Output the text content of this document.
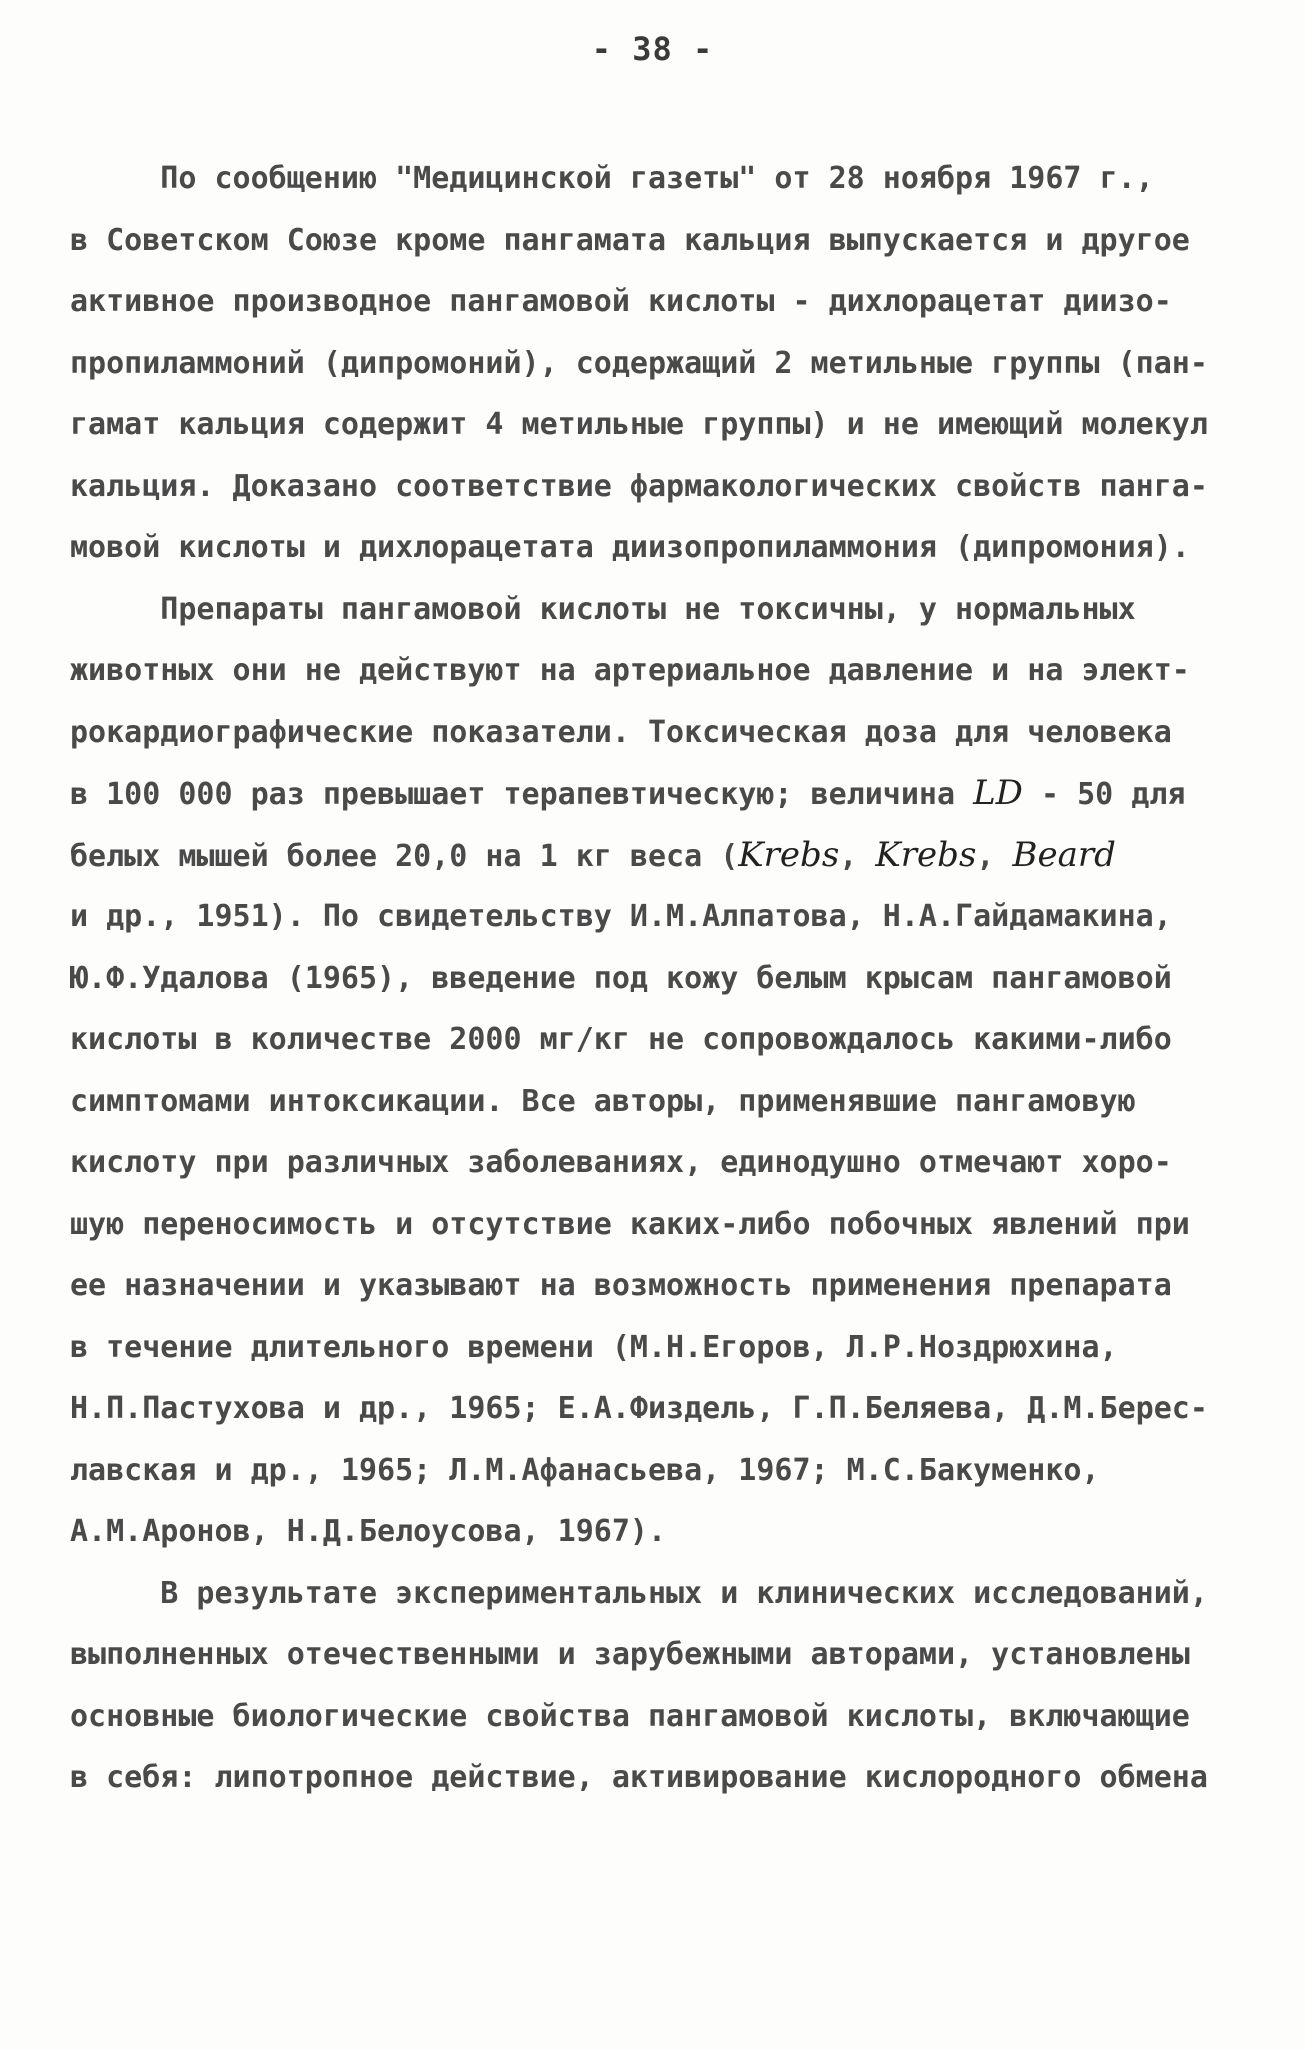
- 38 -
По сообщению "Медицинской газеты" от 28 ноября 1967 г.,
в Советском Союзе кроме пангамата кальция выпускается и другое
активное производное пангамовой кислоты - дихлорацетат диизо-
пропиламмоний (дипромоний), содержащий 2 метильные группы (пан-
гамат кальция содержит 4 метильные группы) и не имеющий молекул
кальция. Доказано соответствие фармакологических свойств панга-
мовой кислоты и дихлорацетата диизопропиламмония (дипромония).
Препараты пангамовой кислоты не токсичны, у нормальных
животных они не действуют на артериальное давление и на элект-
рокардиографические показатели. Токсическая доза для человека
в 100 000 раз превышает терапевтическую; величина LD - 50 для
белых мышей более 20,0 на 1 кг веса (Krebs, Krebs, Beard
и др., 1951). По свидетельству И.М.Алпатова, Н.А.Гайдамакина,
Ю.Ф.Удалова (1965), введение под кожу белым крысам пангамовой
кислоты в количестве 2000 мг/кг не сопровождалось какими-либо
симптомами интоксикации. Все авторы, применявшие пангамовую
кислоту при различных заболеваниях, единодушно отмечают хоро-
шую переносимость и отсутствие каких-либо побочных явлений при
ее назначении и указывают на возможность применения препарата
в течение длительного времени (М.Н.Егоров, Л.Р.Ноздрюхина,
Н.П.Пастухова и др., 1965; Е.А.Физдель, Г.П.Беляева, Д.М.Берес-
лавская и др., 1965; Л.М.Афанасьева, 1967; М.С.Бакуменко,
А.М.Аронов, Н.Д.Белоусова, 1967).
В результате экспериментальных и клинических исследований,
выполненных отечественными и зарубежными авторами, установлены
основные биологические свойства пангамовой кислоты, включающие
в себя: липотропное действие, активирование кислородного обмена
